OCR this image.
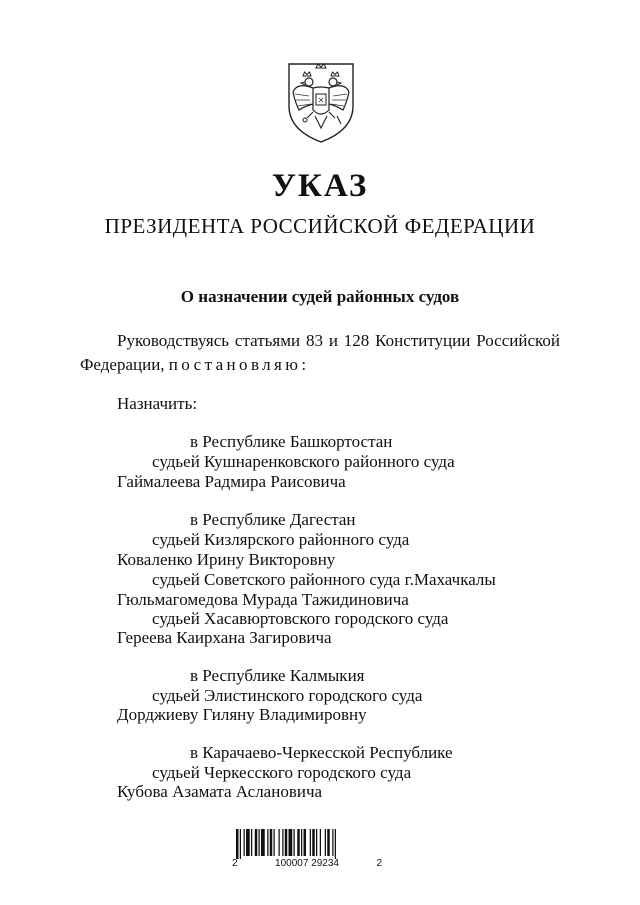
УКАЗ
ПРЕЗИДЕНТА РОССИЙСКОЙ ФЕДЕРАЦИИ
О назначении судей районных судов
Руководствуясь статьями 83 и 128 Конституции Российской
Федерации, постановляю:
Назначить:
в Республике Башкортостан
судьей Кушнаренковского районного суда
Гаймалеева Радмира Раисовича
в Республике Дагестан
судьей Кизлярского районного суда
Коваленко Ирину Викторовну
судьей Советского районного суда г.Махачкалы
Гюльмагомедова Мурада Тажидиновича
судьей Хасавюртовского городского суда
Гереева Каирхана Загировича
в Республике Калмыкия
судьей Элистинского городского суда
Дорджиеву Гиляну Владимировну
в Карачаево-Черкесской Республике
судьей Черкесского городского суда
Кубова Азамата Аслановича
2	100007 29234	2
